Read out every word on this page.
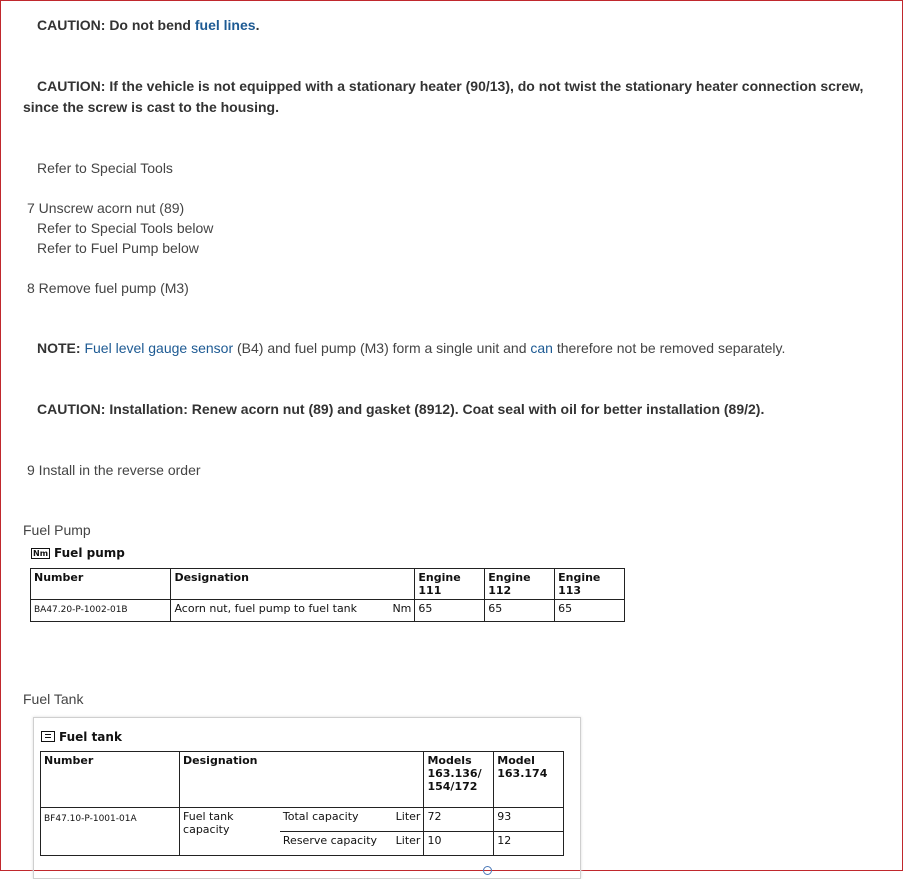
CAUTION: Do not bend fuel lines.
CAUTION: If the vehicle is not equipped with a stationary heater (90/13), do not twist the stationary heater connection screw, since the screw is cast to the housing.
Refer to Special Tools
7 Unscrew acorn nut (89)
Refer to Special Tools below
Refer to Fuel Pump below
8 Remove fuel pump (M3)
NOTE: Fuel level gauge sensor (B4) and fuel pump (M3) form a single unit and can therefore not be removed separately.
CAUTION: Installation: Renew acorn nut (89) and gasket (8912). Coat seal with oil for better installation (89/2).
9 Install in the reverse order
Fuel Pump
Nm Fuel pump
Number	Designation	Engine 111	Engine 112	Engine 113
BA47.20-P-1002-01B	Acorn nut, fuel pump to fuel tank Nm	65	65	65
Fuel Tank
Fuel tank
Number	Designation			Models 163.136/ 154/172	Model 163.174
BF47.10-P-1001-01A	Fuel tank capacity	Total capacity	Liter	72	93
		Reserve capacity	Liter	10	12
